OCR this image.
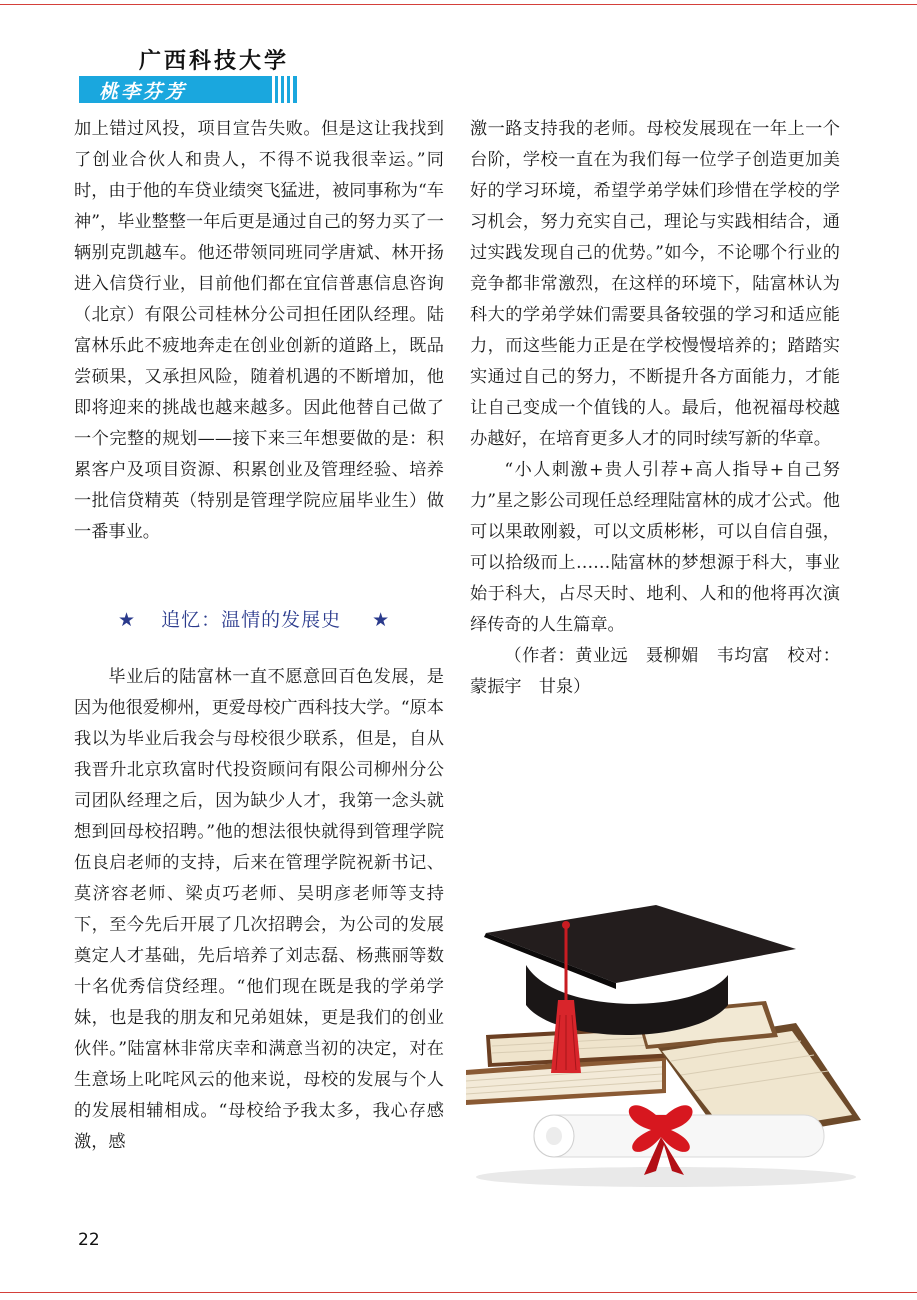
广西科技大学
桃李芬芳

加上错过风投，项目宣告失败。但是这让我找到了创业合伙人和贵人，不得不说我很幸运。”同时，由于他的车贷业绩突飞猛进，被同事称为“车神”，毕业整整一年后更是通过自己的努力买了一辆别克凯越车。他还带领同班同学唐斌、林开扬进入信贷行业，目前他们都在宜信普惠信息咨询（北京）有限公司桂林分公司担任团队经理。陆富林乐此不疲地奔走在创业创新的道路上，既品尝硕果，又承担风险，随着机遇的不断增加，他即将迎来的挑战也越来越多。因此他替自己做了一个完整的规划——接下来三年想要做的是：积累客户及项目资源、积累创业及管理经验、培养一批信贷精英（特别是管理学院应届毕业生）做一番事业。

★ 追忆：温情的发展史 ★

毕业后的陆富林一直不愿意回百色发展，是因为他很爱柳州，更爱母校广西科技大学。“原本我以为毕业后我会与母校很少联系，但是，自从我晋升北京玖富时代投资顾问有限公司柳州分公司团队经理之后，因为缺少人才，我第一念头就想到回母校招聘。”他的想法很快就得到管理学院伍良启老师的支持，后来在管理学院祝新书记、莫济容老师、梁贞巧老师、吴明彦老师等支持下，至今先后开展了几次招聘会，为公司的发展奠定人才基础，先后培养了刘志磊、杨燕丽等数十名优秀信贷经理。“他们现在既是我的学弟学妹，也是我的朋友和兄弟姐妹，更是我们的创业伙伴。”陆富林非常庆幸和满意当初的决定，对在生意场上叱咤风云的他来说，母校的发展与个人的发展相辅相成。“母校给予我太多，我心存感激，感

激一路支持我的老师。母校发展现在一年上一个台阶，学校一直在为我们每一位学子创造更加美好的学习环境，希望学弟学妹们珍惜在学校的学习机会，努力充实自己，理论与实践相结合，通过实践发现自己的优势。”如今，不论哪个行业的竞争都非常激烈，在这样的环境下，陆富林认为科大的学弟学妹们需要具备较强的学习和适应能力，而这些能力正是在学校慢慢培养的；踏踏实实通过自己的努力，不断提升各方面能力，才能让自己变成一个值钱的人。最后，他祝福母校越办越好，在培育更多人才的同时续写新的华章。

“小人刺激+贵人引荐+高人指导+自己努力”星之影公司现任总经理陆富林的成才公式。他可以果敢刚毅，可以文质彬彬，可以自信自强，可以拾级而上……陆富林的梦想源于科大，事业始于科大，占尽天时、地利、人和的他将再次演绎传奇的人生篇章。

（作者：黄业远　聂柳媚　韦均富　校对：蒙振宇　甘泉）

22
